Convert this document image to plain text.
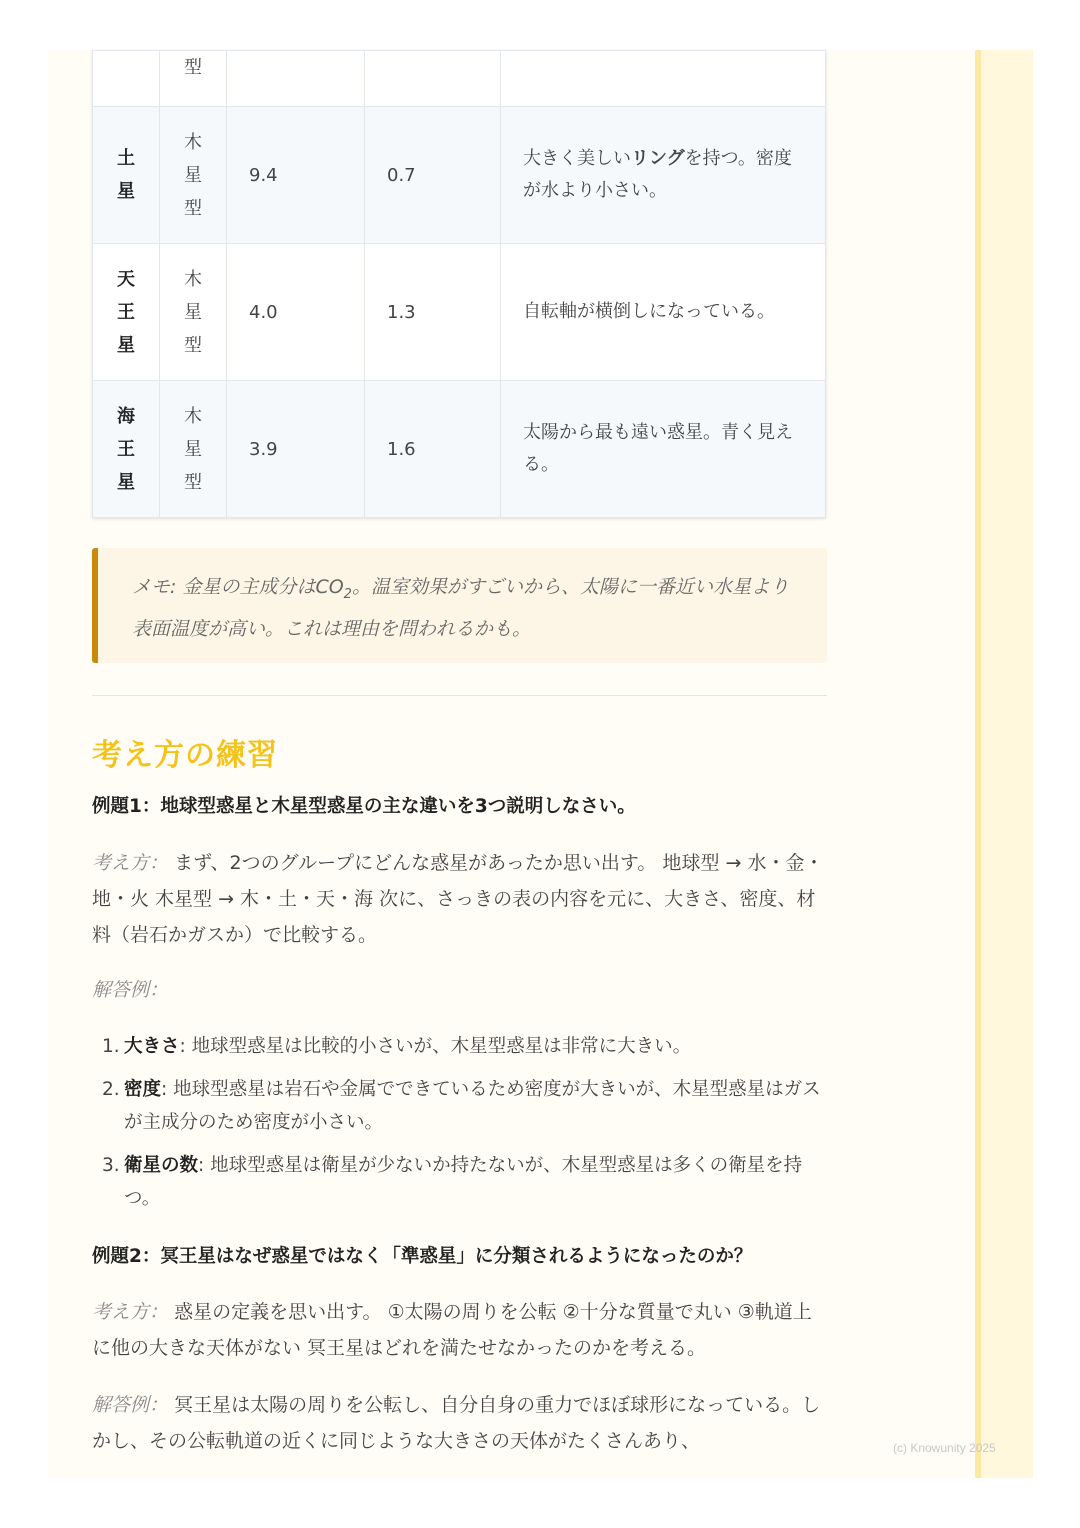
(c) Knowunity 2025
	型			
土星	木星型	9.4	0.7	大きく美しいリングを持つ。密度が水より小さい。
天王星	木星型	4.0	1.3	自転軸が横倒しになっている。
海王星	木星型	3.9	1.6	太陽から最も遠い惑星。青く見える。
メモ: 金星の主成分は$CO_2$。温室効果がすごいから、太陽に一番近い水星より表面温度が高い。これは理由を問われるかも。
考え方の練習
例題1：地球型惑星と木星型惑星の主な違いを3つ説明しなさい。
考え方： まず、2つのグループにどんな惑星があったか思い出す。 地球型 → 水・金・地・火 木星型 → 木・土・天・海 次に、さっきの表の内容を元に、大きさ、密度、材料（岩石かガスか）で比較する。
解答例：
1. 大きさ: 地球型惑星は比較的小さいが、木星型惑星は非常に大きい。
2. 密度: 地球型惑星は岩石や金属でできているため密度が大きいが、木星型惑星はガスが主成分のため密度が小さい。
3. 衛星の数: 地球型惑星は衛星が少ないか持たないが、木星型惑星は多くの衛星を持つ。
例題2：冥王星はなぜ惑星ではなく「準惑星」に分類されるようになったのか？
考え方： 惑星の定義を思い出す。 ①太陽の周りを公転 ②十分な質量で丸い ③軌道上に他の大きな天体がない 冥王星はどれを満たせなかったのかを考える。
解答例： 冥王星は太陽の周りを公転し、自分自身の重力でほぼ球形になっている。しかし、その公転軌道の近くに同じような大きさの天体がたくさんあり、
